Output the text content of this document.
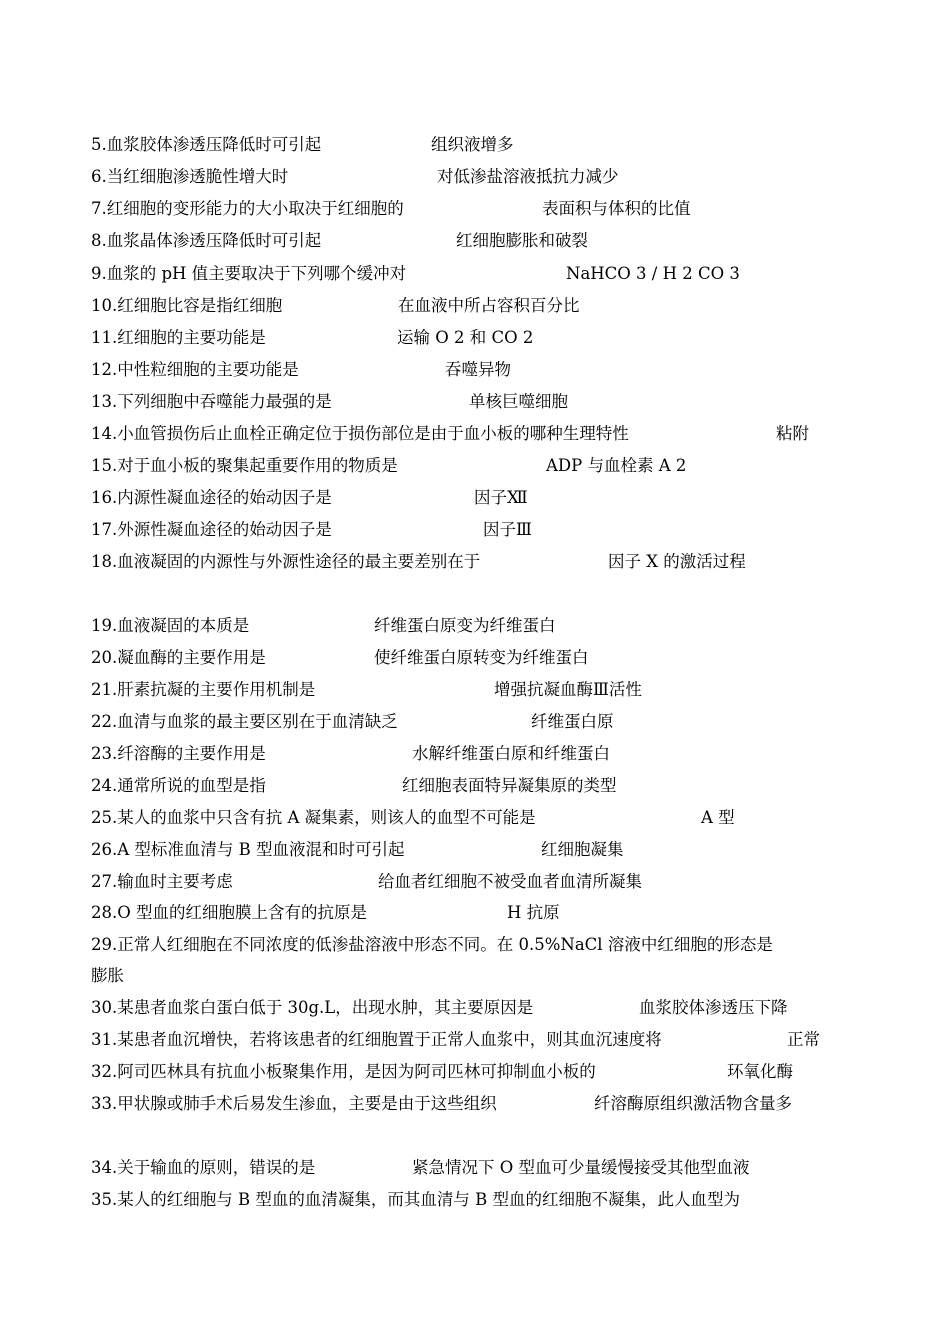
5.血浆胶体渗透压降低时可引起	组织液增多
6.当红细胞渗透脆性增大时	对低渗盐溶液抵抗力减少
7.红细胞的变形能力的大小取决于红细胞的	表面积与体积的比值
8.血浆晶体渗透压降低时可引起	红细胞膨胀和破裂
9.血浆的 pH 值主要取决于下列哪个缓冲对	NaHCO 3 / H 2 CO 3
10.红细胞比容是指红细胞	在血液中所占容积百分比
11.红细胞的主要功能是	运输 O 2 和 CO 2
12.中性粒细胞的主要功能是	吞噬异物
13.下列细胞中吞噬能力最强的是	单核巨噬细胞
14.小血管损伤后止血栓正确定位于损伤部位是由于血小板的哪种生理特性	粘附
15.对于血小板的聚集起重要作用的物质是	ADP 与血栓素 A 2
16.内源性凝血途径的始动因子是	因子Ⅻ
17.外源性凝血途径的始动因子是	因子Ⅲ
18.血液凝固的内源性与外源性途径的最主要差别在于	因子 X 的激活过程
19.血液凝固的本质是	纤维蛋白原变为纤维蛋白
20.凝血酶的主要作用是	使纤维蛋白原转变为纤维蛋白
21.肝素抗凝的主要作用机制是	增强抗凝血酶Ⅲ活性
22.血清与血浆的最主要区别在于血清缺乏	纤维蛋白原
23.纤溶酶的主要作用是	水解纤维蛋白原和纤维蛋白
24.通常所说的血型是指	红细胞表面特异凝集原的类型
25.某人的血浆中只含有抗 A 凝集素，则该人的血型不可能是	A 型
26.A 型标准血清与 B 型血液混和时可引起	红细胞凝集
27.输血时主要考虑	给血者红细胞不被受血者血清所凝集
28.O 型血的红细胞膜上含有的抗原是	H 抗原
29.正常人红细胞在不同浓度的低渗盐溶液中形态不同。在 0.5%NaCl 溶液中红细胞的形态是
膨胀
30.某患者血浆白蛋白低于 30g.L，出现水肿，其主要原因是	血浆胶体渗透压下降
31.某患者血沉增快，若将该患者的红细胞置于正常人血浆中，则其血沉速度将	正常
32.阿司匹林具有抗血小板聚集作用，是因为阿司匹林可抑制血小板的	环氧化酶
33.甲状腺或肺手术后易发生渗血，主要是由于这些组织	纤溶酶原组织激活物含量多
34.关于输血的原则，错误的是	紧急情况下 O 型血可少量缓慢接受其他型血液
35.某人的红细胞与 B 型血的血清凝集，而其血清与 B 型血的红细胞不凝集，此人血型为
